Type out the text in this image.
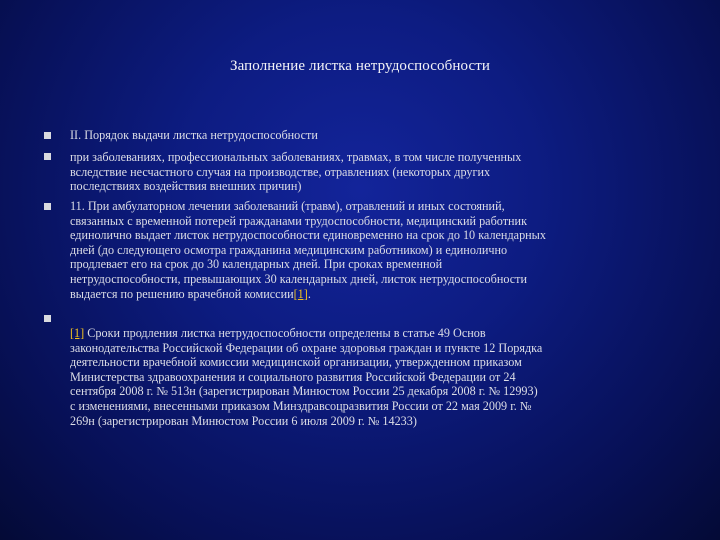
Заполнение листка нетрудоспособности
II. Порядок выдачи листка нетрудоспособности
при заболеваниях, профессиональных заболеваниях, травмах, в том числе полученных
вследствие несчастного случая на производстве, отравлениях (некоторых других
последствиях воздействия внешних причин)
11. При амбулаторном лечении заболеваний (травм), отравлений и иных состояний,
связанных с временной потерей гражданами трудоспособности, медицинский работник
единолично выдает листок нетрудоспособности единовременно на срок до 10 календарных
дней (до следующего осмотра гражданина медицинским работником) и единолично
продлевает его на срок до 30 календарных дней. При сроках временной
нетрудоспособности, превышающих 30 календарных дней, листок нетрудоспособности
выдается по решению врачебной комиссии[1].
[1] Сроки продления листка нетрудоспособности определены в статье 49 Основ
законодательства Российской Федерации об охране здоровья граждан и пункте 12 Порядка
деятельности врачебной комиссии медицинской организации, утвержденном приказом
Министерства здравоохранения и социального развития Российской Федерации от 24
сентября 2008 г. № 513н (зарегистрирован Минюстом России 25 декабря 2008 г. № 12993)
с изменениями, внесенными приказом Минздравсоцразвития России от 22 мая 2009 г. №
269н (зарегистрирован Минюстом России 6 июля 2009 г. № 14233)
